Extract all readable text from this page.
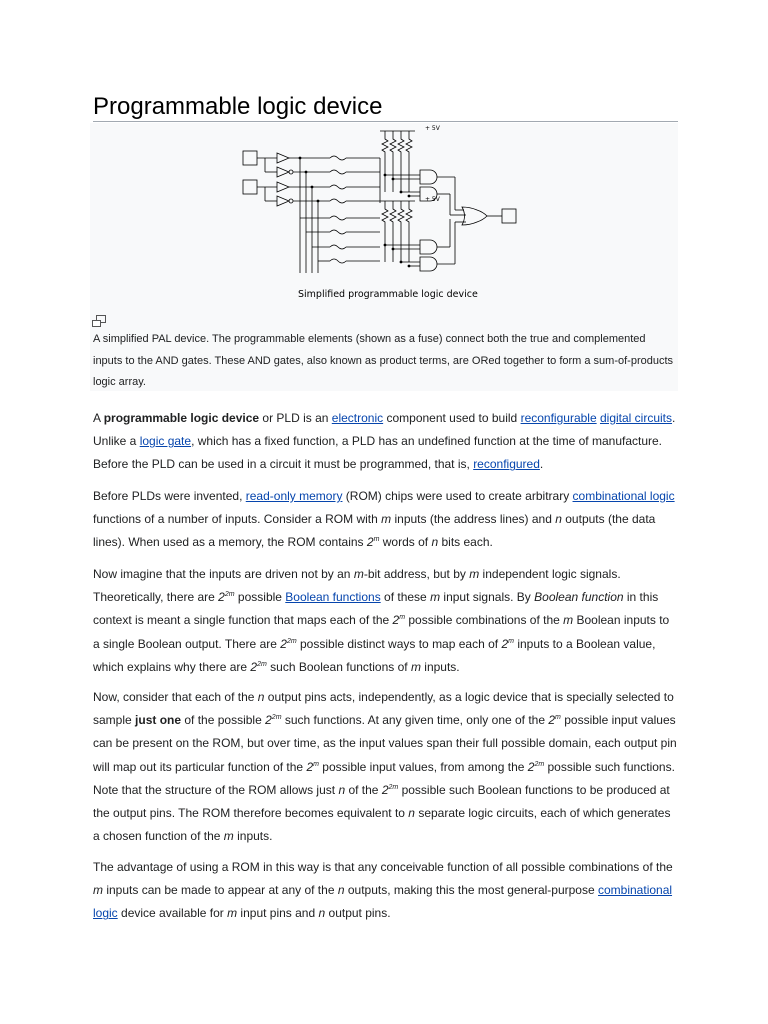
Programmable logic device
+ 5V
+ 5V
Simplified programmable logic device
A simplified PAL device. The programmable elements (shown as a fuse) connect both the true and complemented inputs to the AND gates. These AND gates, also known as product terms, are ORed together to form a sum-of-products logic array.

A programmable logic device or PLD is an electronic component used to build reconfigurable digital circuits. Unlike a logic gate, which has a fixed function, a PLD has an undefined function at the time of manufacture. Before the PLD can be used in a circuit it must be programmed, that is, reconfigured.

Before PLDs were invented, read-only memory (ROM) chips were used to create arbitrary combinational logic functions of a number of inputs. Consider a ROM with m inputs (the address lines) and n outputs (the data lines). When used as a memory, the ROM contains 2$^m$ words of n bits each.

Now imagine that the inputs are driven not by an m-bit address, but by m independent logic signals. Theoretically, there are $2^{2m}$ possible Boolean functions of these m input signals. By Boolean function in this context is meant a single function that maps each of the 2$^m$ possible combinations of the m Boolean inputs to a single Boolean output. There are $2^{2m}$ possible distinct ways to map each of 2$^m$ inputs to a Boolean value, which explains why there are $2^{2m}$ such Boolean functions of m inputs.

Now, consider that each of the n output pins acts, independently, as a logic device that is specially selected to sample just one of the possible $2^{2m}$ such functions. At any given time, only one of the 2$^m$ possible input values can be present on the ROM, but over time, as the input values span their full possible domain, each output pin will map out its particular function of the 2$^m$ possible input values, from among the $2^{2m}$ possible such functions. Note that the structure of the ROM allows just n of the $2^{2m}$ possible such Boolean functions to be produced at the output pins. The ROM therefore becomes equivalent to n separate logic circuits, each of which generates a chosen function of the m inputs.

The advantage of using a ROM in this way is that any conceivable function of all possible combinations of the m inputs can be made to appear at any of the n outputs, making this the most general-purpose combinational logic device available for m input pins and n output pins.
